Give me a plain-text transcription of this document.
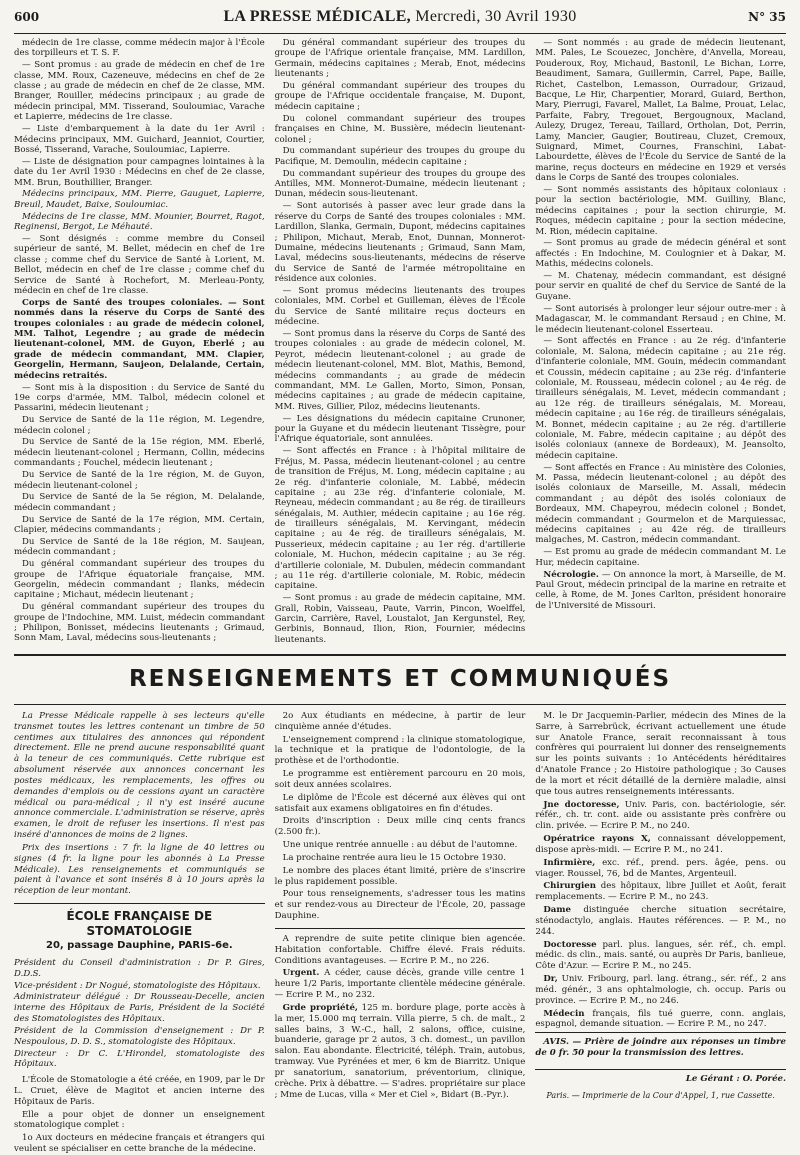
600	LA PRESSE MÉDICALE, Mercredi, 30 Avril 1930	N° 35

médecin de 1re classe, comme médecin major à l'École des torpilleurs et T. S. F.

— Sont promus : au grade de médecin en chef de 1re classe, MM. Roux, Cazeneuve, médecins en chef de 2e classe ; au grade de médecin en chef de 2e classe, MM. Branger, Rouiller, médecins principaux ; au grade de médecin principal, MM. Tisserand, Souloumiac, Varache et Lapierre, médecins de 1re classe.

— Liste d'embarquement à la date du 1er Avril : Médecins principaux, MM. Guichard, Jeanniot, Courtier, Bossé, Tisserand, Varache, Souloumiac, Lapierre.

— Liste de désignation pour campagnes lointaines à la date du 1er Avril 1930 : Médecins en chef de 2e classe, MM. Brun, Bouthillier, Branger.

Médecins principaux, MM. Pierre, Gauguet, Lapierre, Breuil, Maudet, Baixe, Souloumiac.

Médecins de 1re classe, MM. Mounier, Bourret, Ragot, Reginensi, Bergot, Le Méhauté.

— Sont désignés : comme membre du Conseil supérieur de santé, M. Bellet, médecin en chef de 1re classe ; comme chef du Service de Santé à Lorient, M. Bellot, médecin en chef de 1re classe ; comme chef du Service de Santé à Rochefort, M. Merleau-Ponty, médecin en chef de 1re classe.

Corps de Santé des troupes coloniales. — Sont nommés dans la réserve du Corps de Santé des troupes coloniales : au grade de médecin colonel, MM. Talhot, Legendre ; au grade de médecin lieutenant-colonel, MM. de Guyon, Eberlé ; au grade de médecin commandant, MM. Clapier, Georgelin, Hermann, Saujeon, Delalande, Certain, médecins retraités.

— Sont mis à la disposition : du Service de Santé du 19e corps d'armée, MM. Talbol, médecin colonel et Passarini, médecin lieutenant ;

Du Service de Santé de la 11e région, M. Legendre, médecin colonel ;

Du Service de Santé de la 15e région, MM. Eberlé, médecin lieutenant-colonel ; Hermann, Collin, médecins commandants ; Fouchel, médecin lieutenant ;

Du Service de Santé de la 1re région, M. de Guyon, médecin lieutenant-colonel ;

Du Service de Santé de la 5e région, M. Delalande, médecin commandant ;

Du Service de Santé de la 17e région, MM. Certain, Clapier, médecins commandants ;

Du Service de Santé de la 18e région, M. Saujean, médecin commandant ;

Du général commandant supérieur des troupes du groupe de l'Afrique équatoriale française, MM. Georgelin, médecin commandant ; Ilanks, médecin capitaine ; Michaut, médecin lieutenant ;

Du général commandant supérieur des troupes du groupe de l'Indochine, MM. Luist, médecin commandant ; Philipon, Bonisset, médecins lieutenants ; Grimaud, Sonn Mam, Laval, médecins sous-lieutenants ;

Du général commandant supérieur des troupes du groupe de l'Afrique orientale française, MM. Lardillon, Germain, médecins capitaines ; Merab, Enot, médecins lieutenants ;

Du général commandant supérieur des troupes du groupe de l'Afrique occidentale française, M. Dupont, médecin capitaine ;

Du colonel commandant supérieur des troupes françaises en Chine, M. Bussière, médecin lieutenant-colonel ;

Du commandant supérieur des troupes du groupe du Pacifique, M. Demoulin, médecin capitaine ;

Du commandant supérieur des troupes du groupe des Antilles, MM. Monnerot-Dumaine, médecin lieutenant ; Dunan, médecin sous-lieutenant.

— Sont autorisés à passer avec leur grade dans la réserve du Corps de Santé des troupes coloniales : MM. Lardillon, Slanka, Germain, Dupont, médecins capitaines ; Philipon, Michaut, Merab, Enot, Dunnan, Monnerot-Dumaine, médecins lieutenants ; Grimaud, Sann Mam, Laval, médecins sous-lieutenants, médecins de réserve du Service de Santé de l'armée métropolitaine en résidence aux colonies.

— Sont promus médecins lieutenants des troupes coloniales, MM. Corbel et Guilleman, élèves de l'École du Service de Santé militaire reçus docteurs en médecine.

— Sont promus dans la réserve du Corps de Santé des troupes coloniales : au grade de médecin colonel, M. Peyrot, médecin lieutenant-colonel ; au grade de médecin lieutenant-colonel, MM. Blot, Mathis, Bemond, médecins commandants ; au grade de médecin commandant, MM. Le Gallen, Morto, Simon, Ponsan, médecins capitaines ; au grade de médecin capitaine, MM. Rives, Gillier, Piloz, médecins lieutenants.

— Les désignations du médecin capitaine Crunoner, pour la Guyane et du médecin lieutenant Tissègre, pour l'Afrique équatoriale, sont annulées.

— Sont affectés en France : à l'hôpital militaire de Fréjus, M. Passa, médecin lieutenant-colonel ; au centre de transition de Fréjus, M. Long, médecin capitaine ; au 2e rég. d'infanterie coloniale, M. Labbé, médecin capitaine ; au 23e rég. d'infanterie coloniale, M. Reyneau, médecin commandant ; au 8e rég. de tirailleurs sénégalais, M. Authier, médecin capitaine ; au 16e rég. de tirailleurs sénégalais, M. Kervingant, médecin capitaine ; au 4e rég. de tirailleurs sénégalais, M. Pusserieux, médecin capitaine ; au 1er rég. d'artillerie coloniale, M. Huchon, médecin capitaine ; au 3e rég. d'artillerie coloniale, M. Dubulen, médecin commandant ; au 11e rég. d'artillerie coloniale, M. Robic, médecin capitaine.

— Sont promus : au grade de médecin capitaine, MM. Grall, Robin, Vaisseau, Paute, Varrin, Pincon, Woelffel, Garcin, Carrière, Ravel, Loustalot, Jan Kergunstel, Rey, Gerbinis, Bonnaud, Ilion, Rion, Fournier, médecins lieutenants.

— Sont nommés : au grade de médecin lieutenant, MM. Pales, Le Scouezec, Jonchère, d'Anvella, Moreau, Pouderoux, Roy, Michaud, Bastonil, Le Bichan, Lorre, Beaudiment, Samara, Guillermin, Carrel, Pape, Baille, Richet, Castelbon, Lemasson, Ourradour, Grizaud, Bacque, Le Hir, Charpentier, Morard, Guiard, Berthon, Mary, Pierrugi, Favarel, Mallet, La Balme, Prouat, Lelac, Parfaite, Fabry, Tregouet, Bergougnoux, Macland, Aulezy, Drugez, Tereau, Taillard, Ortholan, Dot, Perrin, Lamy, Mancier, Gaugier, Boutireau, Cluzet, Cremoux, Suignard, Mimet, Cournes, Franschini, Labat-Labourdette, élèves de l'École du Service de Santé de la marine, reçus docteurs en médecine en 1929 et versés dans le Corps de Santé des troupes coloniales.

— Sont nommés assistants des hôpitaux coloniaux : pour la section bactériologie, MM. Guilliny, Blanc, médecins capitaines ; pour la section chirurgie, M. Roques, médecin capitaine ; pour la section médecine, M. Rion, médecin capitaine.

— Sont promus au grade de médecin général et sont affectés : En Indochine, M. Coulognier et à Dakar, M. Mathis, médecins colonels.

— M. Chatenay, médecin commandant, est désigné pour servir en qualité de chef du Service de Santé de la Guyane.

— Sont autorisés à prolonger leur séjour outre-mer : à Madagascar, M. le commandant Rersaud ; en Chine, M. le médecin lieutenant-colonel Esserteau.

— Sont affectés en France : au 2e rég. d'infanterie coloniale, M. Salona, médecin capitaine ; au 21e rég. d'infanterie coloniale, MM. Gouin, médecin commandant et Coussin, médecin capitaine ; au 23e rég. d'infanterie coloniale, M. Rousseau, médecin colonel ; au 4e rég. de tirailleurs sénégalais, M. Levet, médecin commandant ; au 12e rég. de tirailleurs sénégalais, M. Moreau, médecin capitaine ; au 16e rég. de tirailleurs sénégalais, M. Bonnet, médecin capitaine ; au 2e rég. d'artillerie coloniale, M. Fabre, médecin capitaine ; au dépôt des isolés coloniaux (annexe de Bordeaux), M. Jeansolto, médecin capitaine.

— Sont affectés en France : Au ministère des Colonies, M. Passa, médecin lieutenant-colonel ; au dépôt des isolés coloniaux de Marseille, M. Assali, médecin commandant ; au dépôt des isolés coloniaux de Bordeaux, MM. Chapeyrou, médecin colonel ; Bondet, médecin commandant ; Gourmelon et de Marquiessac, médecins capitaines ; au 42e rég. de tirailleurs malgaches, M. Castron, médecin commandant.

— Est promu au grade de médecin commandant M. Le Hur, médecin capitaine.

Nécrologie. — On annonce la mort, à Marseille, de M. Paul Grout, médecin principal de la marine en retraite et celle, à Rome, de M. Jones Carlton, président honoraire de l'Université de Missouri.

RENSEIGNEMENTS ET COMMUNIQUÉS

La Presse Médicale rappelle à ses lecteurs qu'elle transmet toutes les lettres contenant un timbre de 50 centimes aux titulaires des annonces qui répondent directement. Elle ne prend aucune responsabilité quant à la teneur de ces communiqués. Cette rubrique est absolument réservée aux annonces concernant les postes médicaux, les remplacements, les offres ou demandes d'emplois ou de cessions ayant un caractère médical ou para-médical ; il n'y est inséré aucune annonce commerciale. L'administration se réserve, après examen, le droit de refuser les insertions. Il n'est pas inséré d'annonces de moins de 2 lignes.

Prix des insertions : 7 fr. la ligne de 40 lettres ou signes (4 fr. la ligne pour les abonnés à La Presse Médicale). Les renseignements et communiqués se paient à l'avance et sont insérés 8 à 10 jours après la réception de leur montant.

ÉCOLE FRANÇAISE DE STOMATOLOGIE
20, passage Dauphine, PARIS-6e.

Président du Conseil d'administration : Dr P. Gires, D.D.S.

Vice-président : Dr Nogué, stomatologiste des Hôpitaux.

Administrateur délégué : Dr Rousseau-Decelle, ancien interne des Hôpitaux de Paris, Président de la Société des Stomatologistes des Hôpitaux.

Président de la Commission d'enseignement : Dr P. Nespoulous, D. D. S., stomatologiste des Hôpitaux.

Directeur : Dr C. L'Hirondel, stomatologiste des Hôpitaux.

L'École de Stomatologie a été créée, en 1909, par le Dr L. Cruet, élève de Magitot et ancien interne des Hôpitaux de Paris.

Elle a pour objet de donner un enseignement stomatologique complet :

1o Aux docteurs en médecine français et étrangers qui veulent se spécialiser en cette branche de la médecine.

2o Aux étudiants en médecine, à partir de leur cinquième année d'études.

L'enseignement comprend : la clinique stomatologique, la technique et la pratique de l'odontologie, de la prothèse et de l'orthodontie.

Le programme est entièrement parcouru en 20 mois, soit deux années scolaires.

Le diplôme de l'École est décerné aux élèves qui ont satisfait aux examens obligatoires en fin d'études.

Droits d'inscription : Deux mille cinq cents francs (2.500 fr.).

Une unique rentrée annuelle : au début de l'automne.

La prochaine rentrée aura lieu le 15 Octobre 1930.

Le nombre des places étant limité, prière de s'inscrire le plus rapidement possible.

Pour tous renseignements, s'adresser tous les matins et sur rendez-vous au Directeur de l'École, 20, passage Dauphine.

A reprendre de suite petite clinique bien agencée. Habitation confortable. Chiffre élevé. Frais réduits. Conditions avantageuses. — Ecrire P. M., no 226.

Urgent. A céder, cause décès, grande ville centre 1 heure 1/2 Paris, importante clientèle médecine générale. — Ecrire P. M., no 232.

Grde propriété, 125 m. bordure plage, porte accès à la mer, 15.000 mq terrain. Villa pierre, 5 ch. de maît., 2 salles bains, 3 W.-C., hall, 2 salons, office, cuisine, buanderie, garage pr 2 autos, 3 ch. domest., un pavillon salon. Eau abondante. Électricité, téléph. Train, autobus, tramway. Vue Pyrénées et mer, 6 km de Biarritz. Unique pr sanatorium, sanatorium, préventorium, clinique, crèche. Prix à débattre. — S'adres. propriétaire sur place ; Mme de Lucas, villa « Mer et Ciel », Bidart (B.-Pyr.).

M. le Dr Jacquemin-Parlier, médecin des Mines de la Sarre, à Sarrebrück, écrivant actuellement une étude sur Anatole France, serait reconnaissant à tous confrères qui pourraient lui donner des renseignements sur les points suivants : 1o Antécédents héréditaires d'Anatole France ; 2o Histoire pathologique ; 3o Causes de la mort et récit détaillé de la dernière maladie, ainsi que tous autres renseignements intéressants.

Jne doctoresse, Univ. Paris, con. bactériologie, sér. référ., ch. tr. cont. aide ou assistante près confrère ou clin. privée. — Ecrire P. M., no 240.

Opératrice rayons X, connaissant développement, dispose après-midi. — Ecrire P. M., no 241.

Infirmière, exc. réf., prend. pers. âgée, pens. ou viager. Roussel, 76, bd de Mantes, Argenteuil.

Chirurgien des hôpitaux, libre Juillet et Août, ferait remplacements. — Ecrire P. M., no 243.

Dame distinguée cherche situation secrétaire, sténodactylo, anglais. Hautes références. — P. M., no 244.

Doctoresse parl. plus. langues, sér. réf., ch. empl. médic. ds clin., mais. santé, ou auprès Dr Paris, banlieue, Côte d'Azur. — Ecrire P. M., no 245.

Dr, Univ. Fribourg, parl. lang. étrang., sér. réf., 2 ans méd. génér., 3 ans ophtalmologie, ch. occup. Paris ou province. — Ecrire P. M., no 246.

Médecin français, fils tué guerre, conn. anglais, espagnol, demande situation. — Ecrire P. M., no 247.

AVIS. — Prière de joindre aux réponses un timbre de 0 fr. 50 pour la transmission des lettres.

Le Gérant : O. Porée.
Paris. — Imprimerie de la Cour d'Appel, 1, rue Cassette.
